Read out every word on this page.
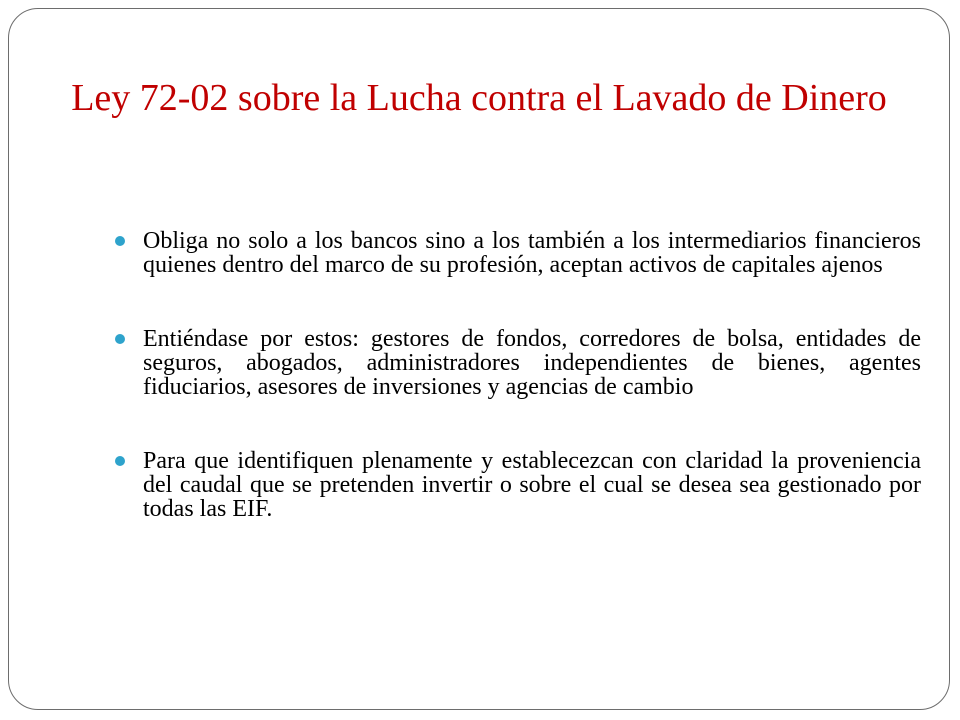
Ley 72-02 sobre la Lucha contra el Lavado de Dinero
Obliga no solo a los bancos sino a los también a los intermediarios financieros quienes dentro del marco de su profesión, aceptan activos de capitales ajenos
Entiéndase por estos: gestores de fondos, corredores de bolsa, entidades de seguros, abogados, administradores independientes de bienes, agentes fiduciarios, asesores de inversiones y agencias de cambio
Para que identifiquen plenamente y establecezcan con claridad la proveniencia del caudal que se pretenden invertir o sobre el cual se desea sea gestionado por todas las EIF.
